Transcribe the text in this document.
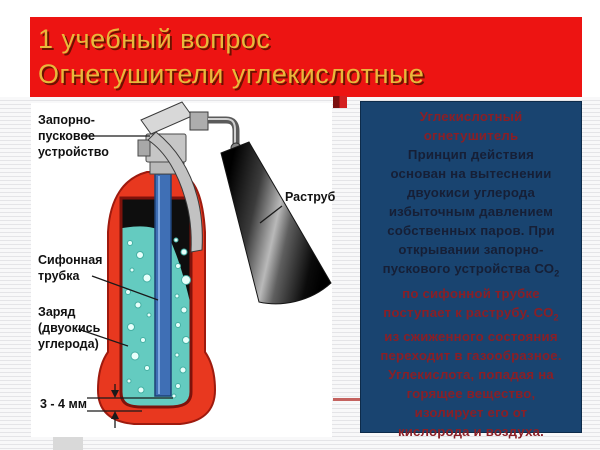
1 учебный вопрос
Огнетушители углекислотные
Запорно-
пусковое
устройство
Раструб
Сифонная
трубка
Заряд
(двуокись
углерода)
3 - 4 мм
Углекислотный
огнетушитель
Принцип действия
основан на вытеснении
двуокиси углерода
избыточным давлением
собственных паров. При
открывании запорно-
пускового устройства $СО_2$
по сифонной трубке
поступает к раструбу. $СО_2$
из сжиженного состояния
переходит в газообразное.
Углекислота, попадая на
горящее вещество,
изолирует его от
кислорода и воздуха.
